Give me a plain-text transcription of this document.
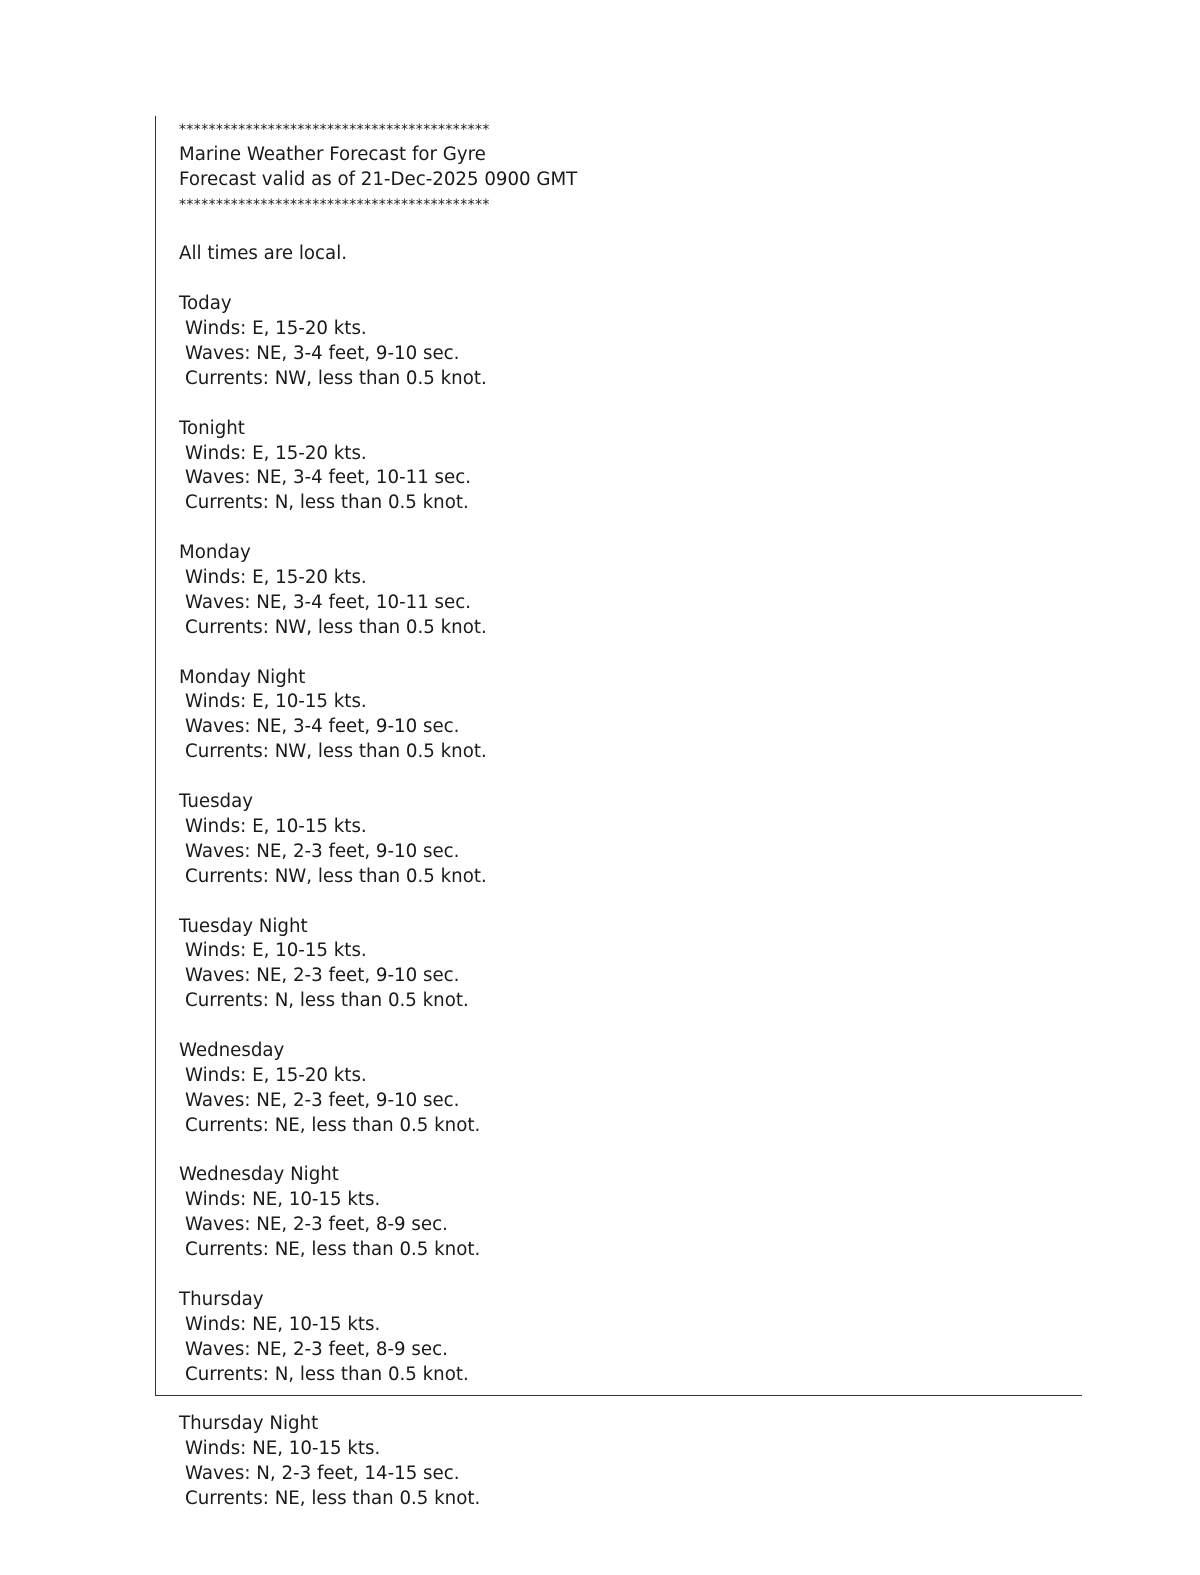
******************************************
Marine Weather Forecast for Gyre
Forecast valid as of 21-Dec-2025 0900 GMT
******************************************
All times are local.
Today
Winds: E, 15-20 kts.
Waves: NE, 3-4 feet, 9-10 sec.
Currents: NW, less than 0.5 knot.
Tonight
Winds: E, 15-20 kts.
Waves: NE, 3-4 feet, 10-11 sec.
Currents: N, less than 0.5 knot.
Monday
Winds: E, 15-20 kts.
Waves: NE, 3-4 feet, 10-11 sec.
Currents: NW, less than 0.5 knot.
Monday Night
Winds: E, 10-15 kts.
Waves: NE, 3-4 feet, 9-10 sec.
Currents: NW, less than 0.5 knot.
Tuesday
Winds: E, 10-15 kts.
Waves: NE, 2-3 feet, 9-10 sec.
Currents: NW, less than 0.5 knot.
Tuesday Night
Winds: E, 10-15 kts.
Waves: NE, 2-3 feet, 9-10 sec.
Currents: N, less than 0.5 knot.
Wednesday
Winds: E, 15-20 kts.
Waves: NE, 2-3 feet, 9-10 sec.
Currents: NE, less than 0.5 knot.
Wednesday Night
Winds: NE, 10-15 kts.
Waves: NE, 2-3 feet, 8-9 sec.
Currents: NE, less than 0.5 knot.
Thursday
Winds: NE, 10-15 kts.
Waves: NE, 2-3 feet, 8-9 sec.
Currents: N, less than 0.5 knot.
Thursday Night
Winds: NE, 10-15 kts.
Waves: N, 2-3 feet, 14-15 sec.
Currents: NE, less than 0.5 knot.
